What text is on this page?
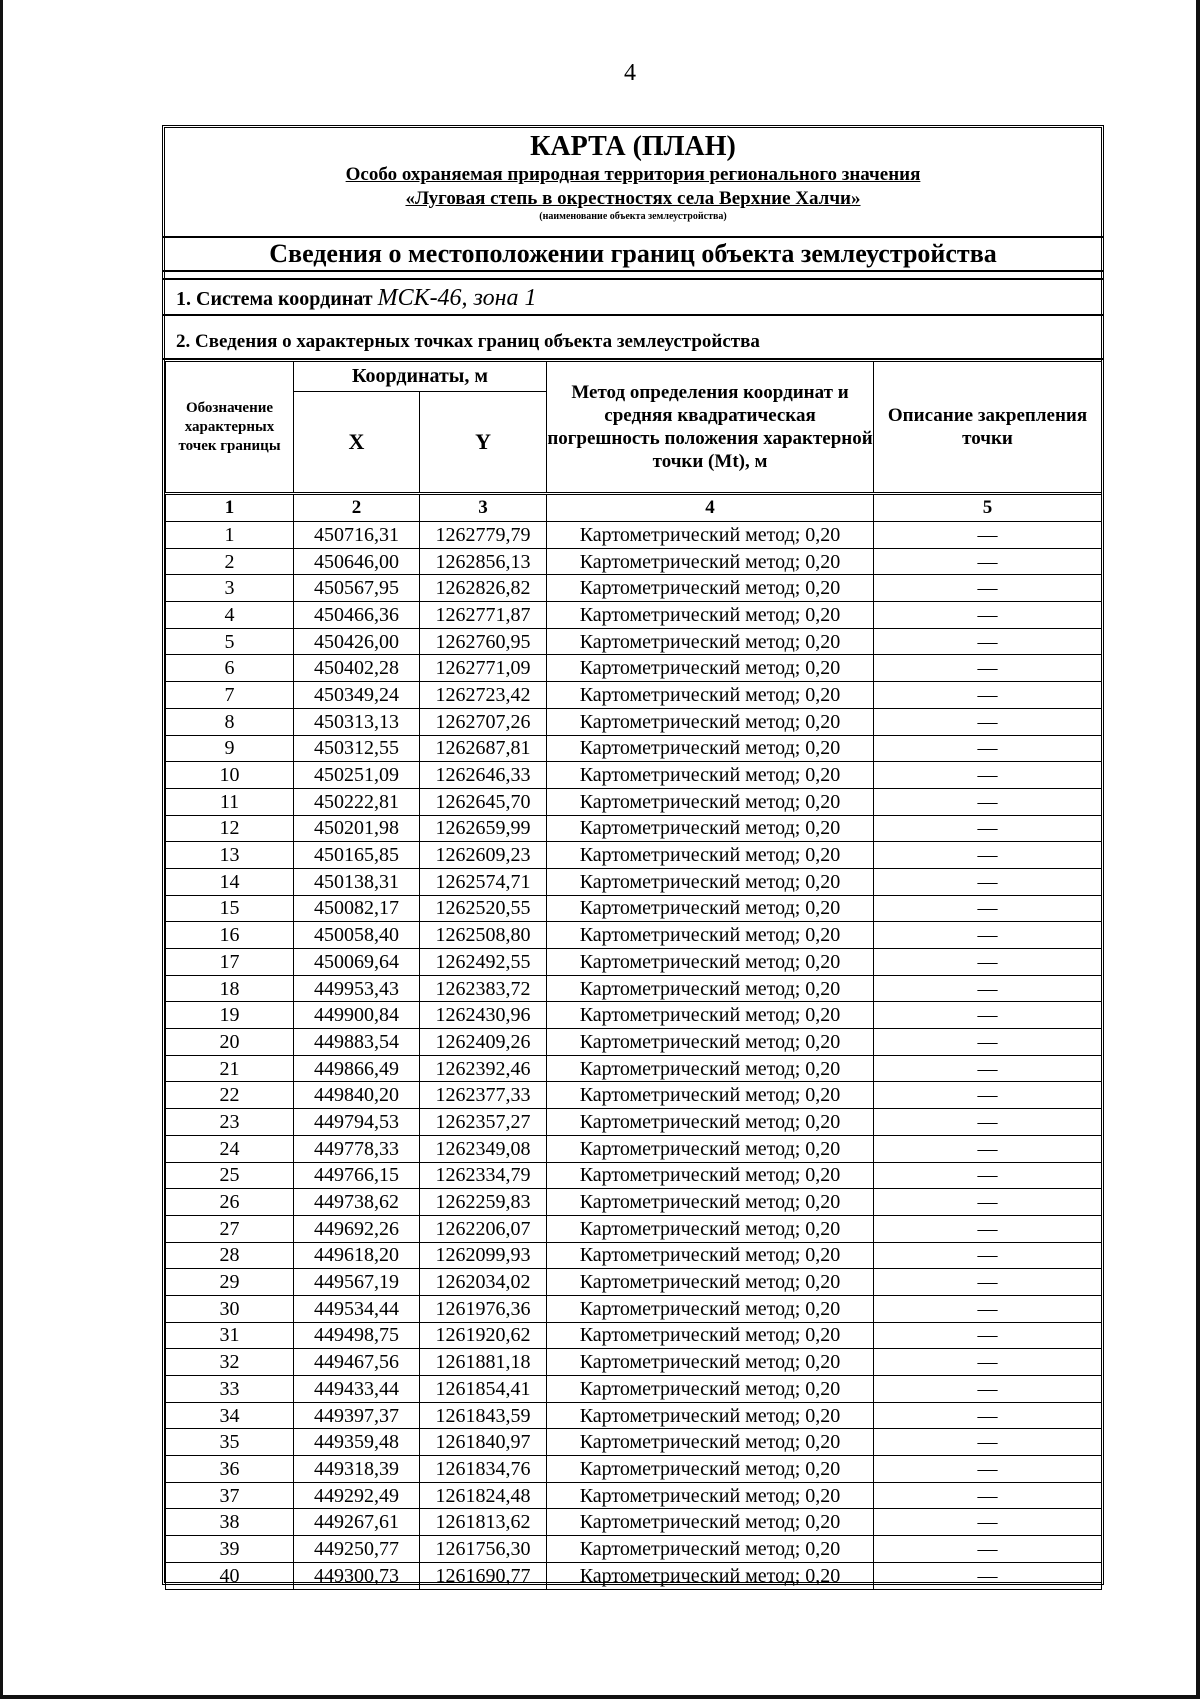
4
КАРТА (ПЛАН)
Особо охраняемая природная территория регионального значения
«Луговая степь в окрестностях села Верхние Халчи»
(наименование объекта землеустройства)
Сведения о местоположении границ объекта землеустройства
1. Система координат МСК-46, зона 1
2. Сведения о характерных точках границ объекта землеустройства
Обозначение характерных точек границы	Координаты, м		Метод определения координат и средняя квадратическая погрешность положения характерной точки (Mt), м	Описание закрепления точки
	X	Y		
1	2	3	4	5
1	450716,31	1262779,79	Картометрический метод; 0,20	—
2	450646,00	1262856,13	Картометрический метод; 0,20	—
3	450567,95	1262826,82	Картометрический метод; 0,20	—
4	450466,36	1262771,87	Картометрический метод; 0,20	—
5	450426,00	1262760,95	Картометрический метод; 0,20	—
6	450402,28	1262771,09	Картометрический метод; 0,20	—
7	450349,24	1262723,42	Картометрический метод; 0,20	—
8	450313,13	1262707,26	Картометрический метод; 0,20	—
9	450312,55	1262687,81	Картометрический метод; 0,20	—
10	450251,09	1262646,33	Картометрический метод; 0,20	—
11	450222,81	1262645,70	Картометрический метод; 0,20	—
12	450201,98	1262659,99	Картометрический метод; 0,20	—
13	450165,85	1262609,23	Картометрический метод; 0,20	—
14	450138,31	1262574,71	Картометрический метод; 0,20	—
15	450082,17	1262520,55	Картометрический метод; 0,20	—
16	450058,40	1262508,80	Картометрический метод; 0,20	—
17	450069,64	1262492,55	Картометрический метод; 0,20	—
18	449953,43	1262383,72	Картометрический метод; 0,20	—
19	449900,84	1262430,96	Картометрический метод; 0,20	—
20	449883,54	1262409,26	Картометрический метод; 0,20	—
21	449866,49	1262392,46	Картометрический метод; 0,20	—
22	449840,20	1262377,33	Картометрический метод; 0,20	—
23	449794,53	1262357,27	Картометрический метод; 0,20	—
24	449778,33	1262349,08	Картометрический метод; 0,20	—
25	449766,15	1262334,79	Картометрический метод; 0,20	—
26	449738,62	1262259,83	Картометрический метод; 0,20	—
27	449692,26	1262206,07	Картометрический метод; 0,20	—
28	449618,20	1262099,93	Картометрический метод; 0,20	—
29	449567,19	1262034,02	Картометрический метод; 0,20	—
30	449534,44	1261976,36	Картометрический метод; 0,20	—
31	449498,75	1261920,62	Картометрический метод; 0,20	—
32	449467,56	1261881,18	Картометрический метод; 0,20	—
33	449433,44	1261854,41	Картометрический метод; 0,20	—
34	449397,37	1261843,59	Картометрический метод; 0,20	—
35	449359,48	1261840,97	Картометрический метод; 0,20	—
36	449318,39	1261834,76	Картометрический метод; 0,20	—
37	449292,49	1261824,48	Картометрический метод; 0,20	—
38	449267,61	1261813,62	Картометрический метод; 0,20	—
39	449250,77	1261756,30	Картометрический метод; 0,20	—
40	449300,73	1261690,77	Картометрический метод; 0,20	—
